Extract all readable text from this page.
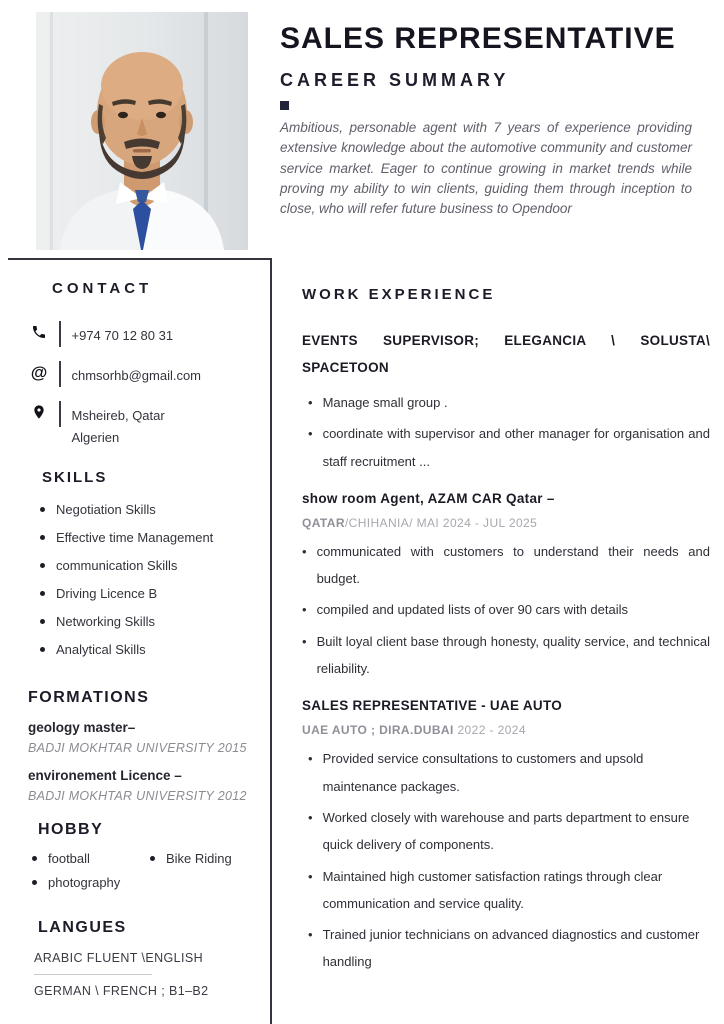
SALES REPRESENTATIVE
CAREER SUMMARY

Ambitious, personable agent with 7 years of experience providing extensive knowledge about the automotive community and customer service market. Eager to continue growing in market trends while proving my ability to win clients, guiding them through inception to close, who will refer future business to Opendoor

CONTACT
+974 70 12 80 31
@ chmsorhb@gmail.com
Msheireb, Qatar
Algerien
SKILLS
Negotiation Skills
Effective time Management
communication Skills
Driving Licence B
Networking Skills
Analytical Skills
FORMATIONS
geology master–
BADJI MOKHTAR UNIVERSITY 2015
environement Licence –
BADJI MOKHTAR UNIVERSITY 2012
HOBBY
football
photography
Bike Riding
LANGUES
ARABIC FLUENT \ENGLISH
GERMAN \ FRENCH ; B1–B2
WORK EXPERIENCE
EVENTS SUPERVISOR; ELEGANCIA \ SOLUSTA\
SPACETOON
• Manage small group .
• coordinate with supervisor and other manager for organisation and staff recruitment ...
show room Agent, AZAM CAR Qatar –
QATAR/CHIHANIA/ MAI 2024 - JUL 2025
• communicated with customers to understand their needs and budget.
• compiled and updated lists of over 90 cars with details
• Built loyal client base through honesty, quality service, and technical reliability.
SALES REPRESENTATIVE - UAE AUTO
UAE AUTO ; DIRA.DUBAI 2022 - 2024
• Provided service consultations to customers and upsold maintenance packages.
• Worked closely with warehouse and parts department to ensure quick delivery of components.
• Maintained high customer satisfaction ratings through clear communication and service quality.
• Trained junior technicians on advanced diagnostics and customer handling
